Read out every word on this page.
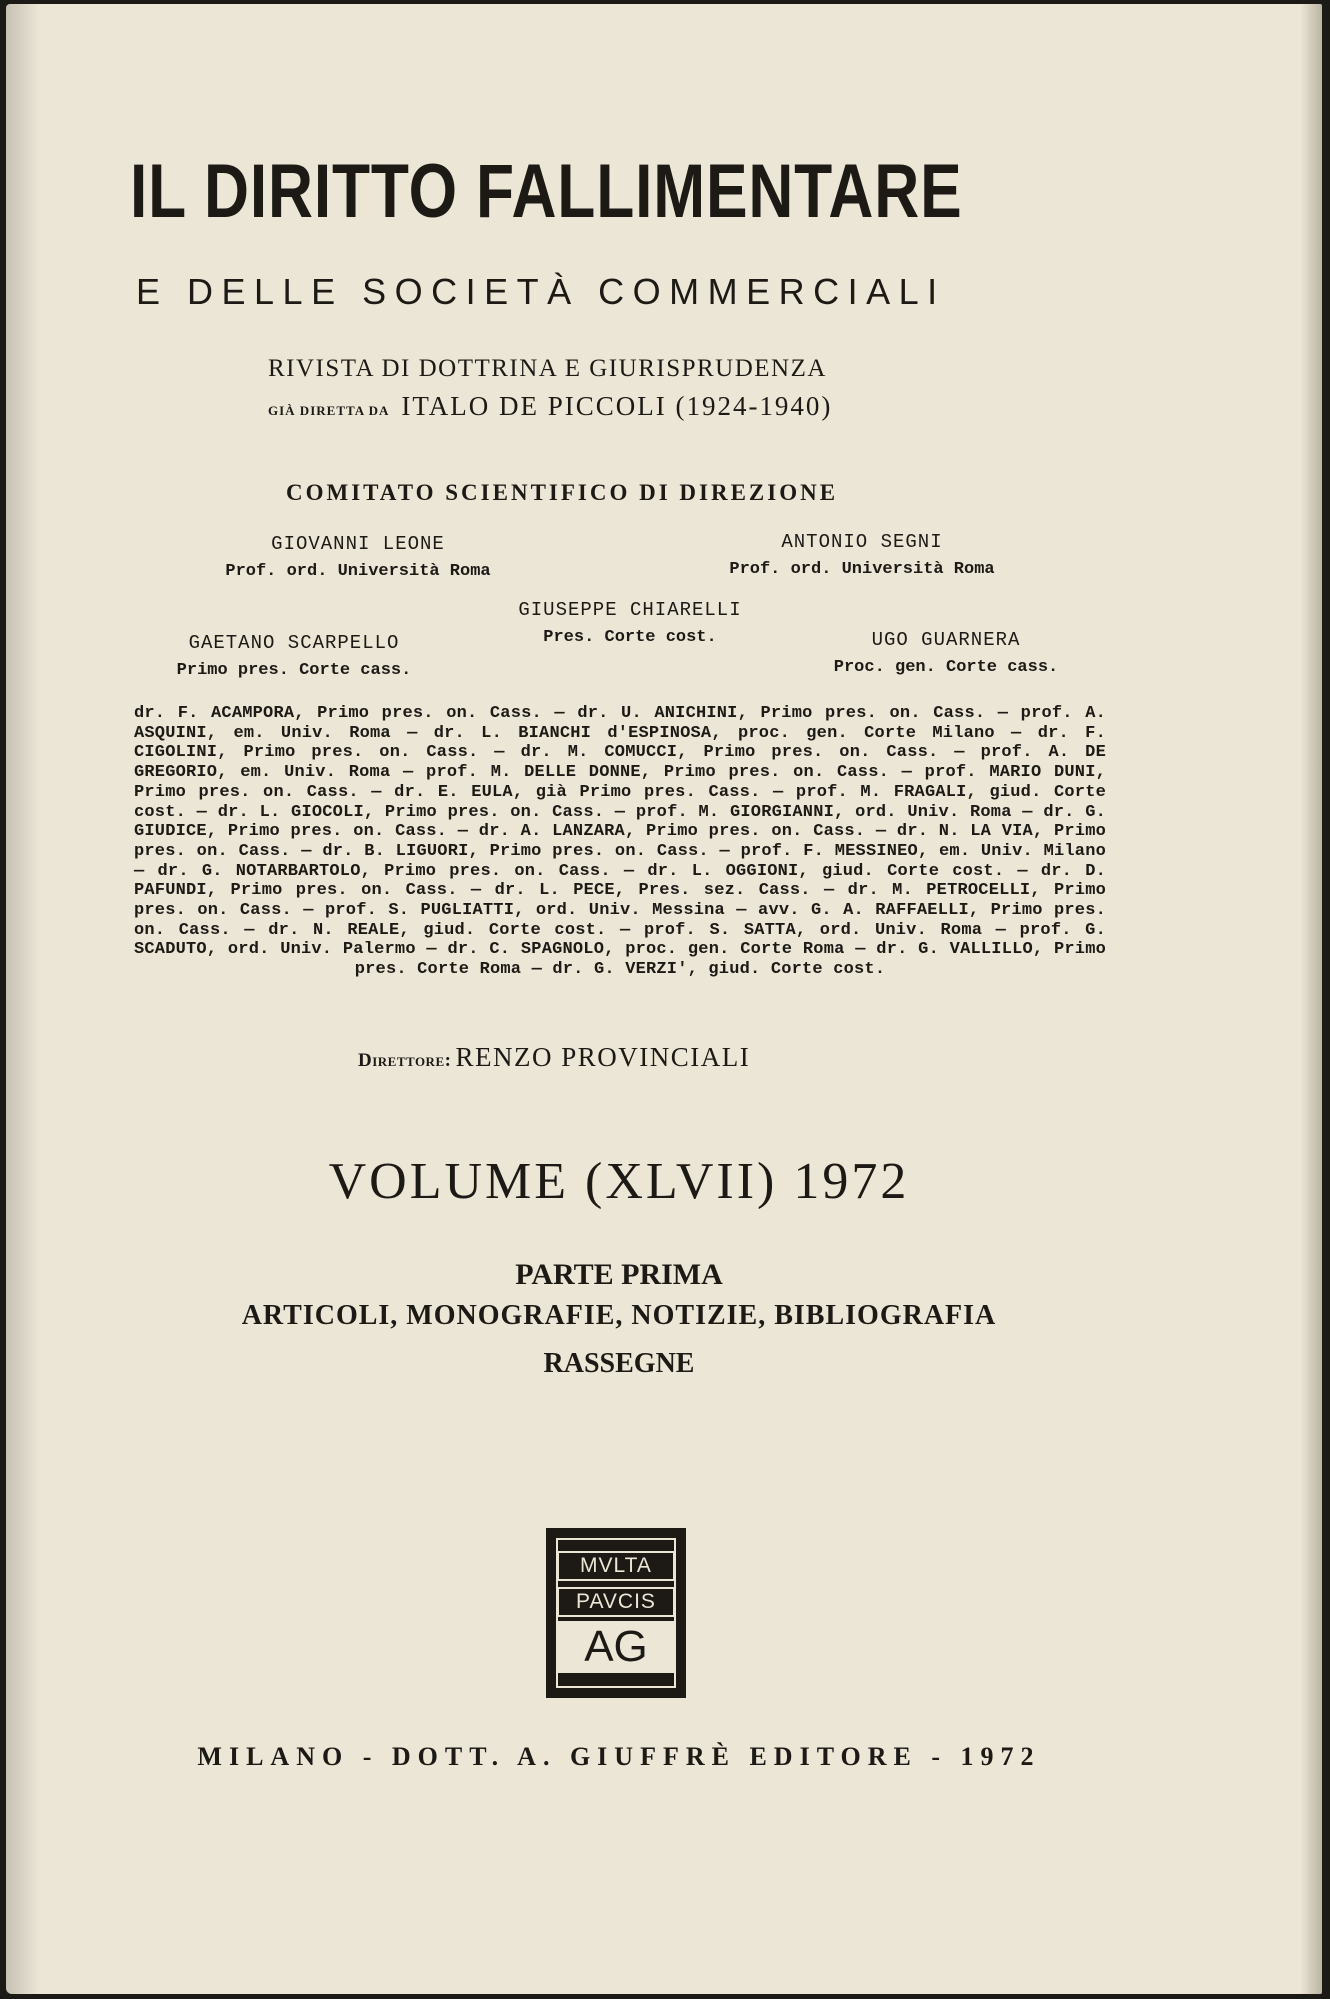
IL DIRITTO FALLIMENTARE
E DELLE SOCIETÀ COMMERCIALI
RIVISTA DI DOTTRINA E GIURISPRUDENZA
GIÀ DIRETTA DA ITALO DE PICCOLI (1924-1940)
COMITATO SCIENTIFICO DI DIREZIONE
GIOVANNI LEONE
Prof. ord. Università Roma
ANTONIO SEGNI
Prof. ord. Università Roma
GIUSEPPE CHIARELLI
Pres. Corte cost.
GAETANO SCARPELLO
Primo pres. Corte cass.
UGO GUARNERA
Proc. gen. Corte cass.
dr. F. ACAMPORA, Primo pres. on. Cass. — dr. U. ANICHINI, Primo pres. on. Cass. — prof. A. ASQUINI, em. Univ. Roma — dr. L. BIANCHI d'ESPINOSA, proc. gen. Corte Milano — dr. F. CIGOLINI, Primo pres. on. Cass. — dr. M. COMUCCI, Primo pres. on. Cass. — prof. A. DE GREGORIO, em. Univ. Roma — prof. M. DELLE DONNE, Primo pres. on. Cass. — prof. MARIO DUNI, Primo pres. on. Cass. — dr. E. EULA, già Primo pres. Cass. — prof. M. FRAGALI, giud. Corte cost. — dr. L. GIOCOLI, Primo pres. on. Cass. — prof. M. GIORGIANNI, ord. Univ. Roma — dr. G. GIUDICE, Primo pres. on. Cass. — dr. A. LANZARA, Primo pres. on. Cass. — dr. N. LA VIA, Primo pres. on. Cass. — dr. B. LIGUORI, Primo pres. on. Cass. — prof. F. MESSINEO, em. Univ. Milano — dr. G. NOTARBARTOLO, Primo pres. on. Cass. — dr. L. OGGIONI, giud. Corte cost. — dr. D. PAFUNDI, Primo pres. on. Cass. — dr. L. PECE, Pres. sez. Cass. — dr. M. PETROCELLI, Primo pres. on. Cass. — prof. S. PUGLIATTI, ord. Univ. Messina — avv. G. A. RAFFAELLI, Primo pres. on. Cass. — dr. N. REALE, giud. Corte cost. — prof. S. SATTA, ord. Univ. Roma — prof. G. SCADUTO, ord. Univ. Palermo — dr. C. SPAGNOLO, proc. gen. Corte Roma — dr. G. VALLILLO, Primo pres. Corte Roma — dr. G. VERZI', giud. Corte cost.
Direttore: RENZO PROVINCIALI
VOLUME (XLVII) 1972
PARTE PRIMA
ARTICOLI, MONOGRAFIE, NOTIZIE, BIBLIOGRAFIA
RASSEGNE
MVLTA
PAVCIS
AG
MILANO - DOTT. A. GIUFFRÈ EDITORE - 1972
